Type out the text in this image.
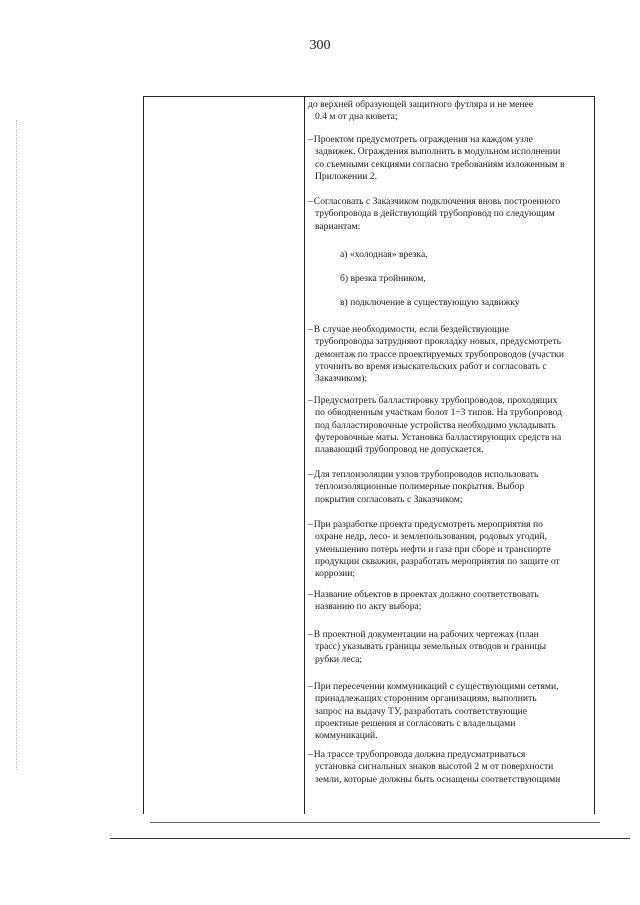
300
до верхней образующей защитного футляра и не менее
0.4 м от дна кювета;
–Проектом предусмотреть ограждения на каждом узле
задвижек. Ограждения выполнить в модульном исполнении
со съемными секциями согласно требованиям изложенным в
Приложении 2.
–Согласовать с Заказчиком подключения вновь построенного
трубопровода в действующий трубопровод по следующим
вариантам:
а) «холодная» врезка,
б) врезка тройником,
в) подключение в существующую задвижку
–В случае необходимости, если бездействующие
трубопроводы затрудняют прокладку новых, предусмотреть
демонтаж по трассе проектируемых трубопроводов (участки
уточнить во время изыскательских работ и согласовать с
Заказчиком);
–Предусмотреть балластировку трубопроводов, проходящих
по обводненным участкам болот 1÷3 типов. На трубопровод
под балластировочные устройства необходимо укладывать
футеровочные маты. Установка балластирующих средств на
плавающий трубопровод не допускается.
–Для теплоизоляции узлов трубопроводов использовать
теплоизоляционные полимерные покрытия. Выбор
покрытия согласовать с Заказчиком;
–При разработке проекта предусмотреть мероприятия по
охране недр, лесо- и землепользования, родовых угодий,
уменьшению потерь нефти и газа при сборе и транспорте
продукции скважин, разработать мероприятия по защите от
коррозии;
–Название объектов в проектах должно соответствовать
названию по акту выбора;
–В проектной документации на рабочих чертежах (план
трасс) указывать границы земельных отводов и границы
рубки леса;
–При пересечении коммуникаций с существующими сетями,
принадлежащих сторонним организациям, выполнить
запрос на выдачу ТУ, разработать соответствующие
проектные решения и согласовать с владельцами
коммуникаций.
–На трассе трубопровода должна предусматриваться
установка сигнальных знаков высотой 2 м от поверхности
земли, которые должны быть оснащены соответствующими
